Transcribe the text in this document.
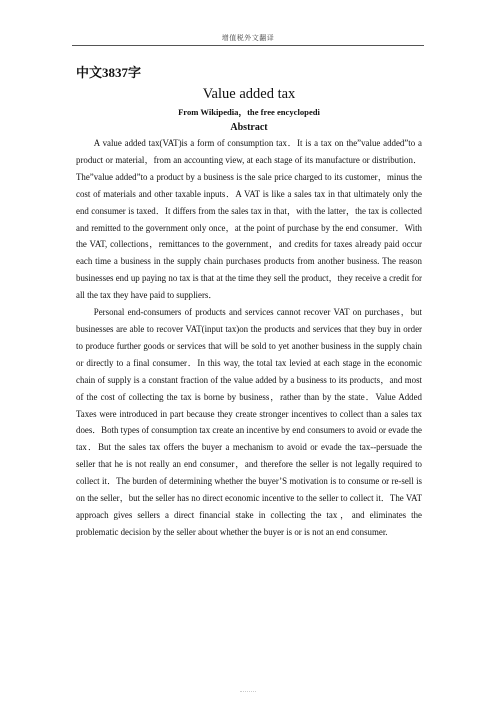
增值税外文翻译
中文3837字
Value added tax
From Wikipedia，the free encyclopedi
Abstract

A value added tax(VAT)is a form of consumption tax．It is a tax on the”value added”to a product or material，from an accounting view, at each stage of its manufacture or distribution．The”value added”to a product by a business is the sale price charged to its customer，minus the cost of materials and other taxable inputs．A VAT is like a sales tax in that ultimately only the end consumer is taxed．It differs from the sales tax in that，with the latter，the tax is collected and remitted to the government only once，at the point of purchase by the end consumer．With the VAT, collections，remittances to the government，and credits for taxes already paid occur each time a business in the supply chain purchases products from another business. The reason businesses end up paying no tax is that at the time they sell the product，they receive a credit for all the tax they have paid to suppliers．

Personal end-consumers of products and services cannot recover VAT on purchases，but businesses are able to recover VAT(input tax)on the products and services that they buy in order to produce further goods or services that will be sold to yet another business in the supply chain or directly to a final consumer．In this way, the total tax levied at each stage in the economic chain of supply is a constant fraction of the value added by a business to its products，and most of the cost of collecting the tax is borne by business，rather than by the state．Value Added Taxes were introduced in part because they create stronger incentives to collect than a sales tax does．Both types of consumption tax create an incentive by end consumers to avoid or evade the tax．But the sales tax offers the buyer a mechanism to avoid or evade the tax--persuade the seller that he is not really an end consumer，and therefore the seller is not legally required to collect it．The burden of determining whether the buyer’S motivation is to consume or re-sell is on the seller，but the seller has no direct economic incentive to the seller to collect it．The VAT approach gives sellers a direct financial stake in collecting the tax，and eliminates the problematic decision by the seller about whether the buyer is or is not an end consumer.
